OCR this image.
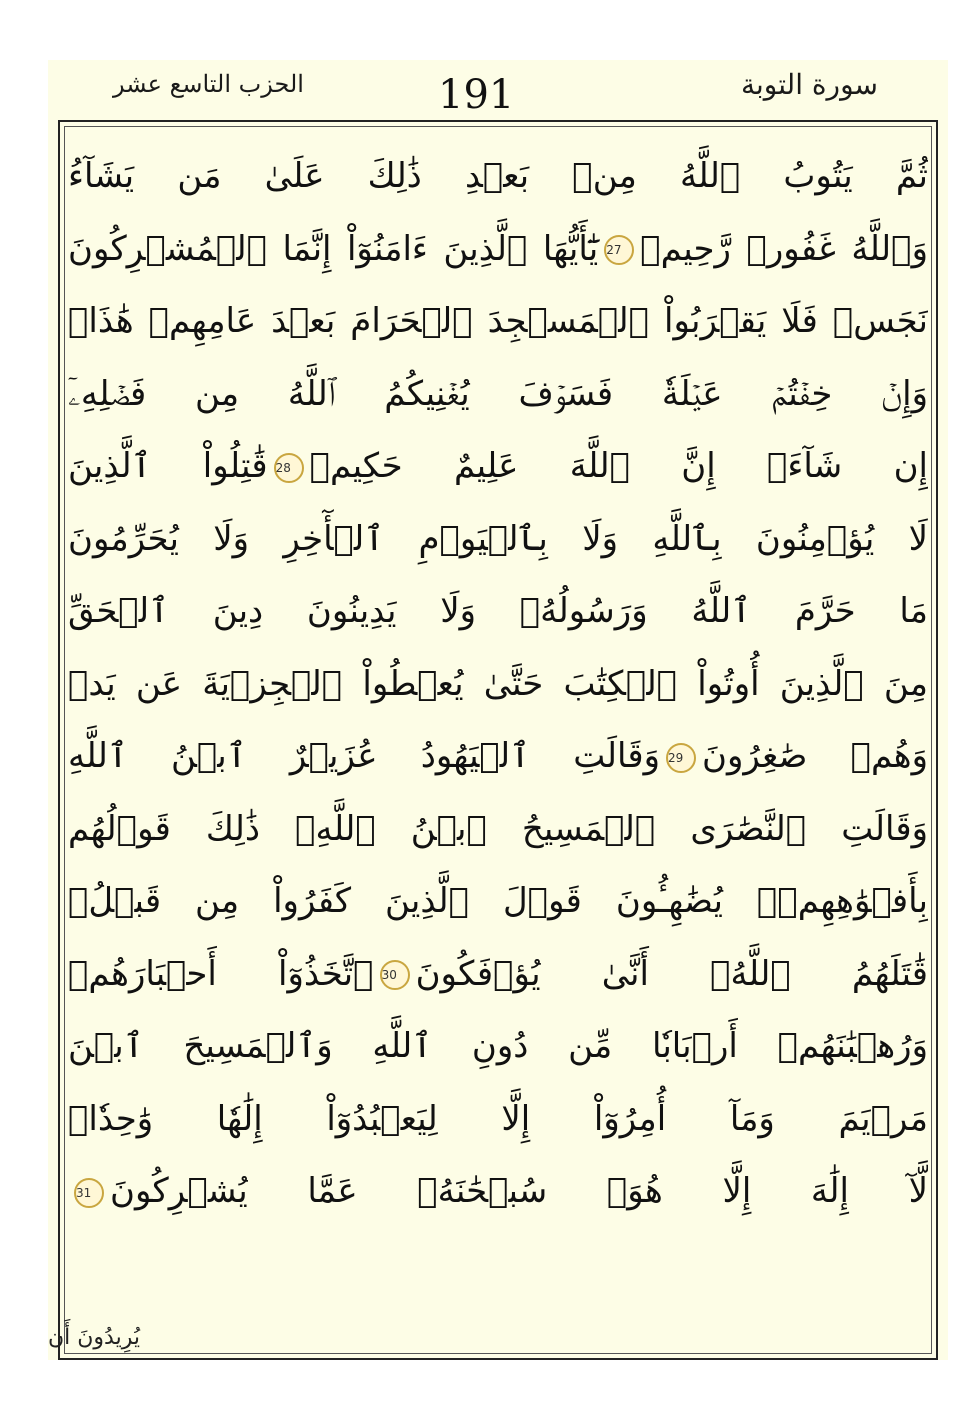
الحزب التاسع عشر	191	سورة التوبة
ثُمَّ يَتُوبُ ٱللَّهُ مِنۢ بَعۡدِ ذَٰلِكَ عَلَىٰ مَن يَشَآءُ
وَٱللَّهُ غَفُورٞ رَّحِيمٞ27يَٰٓأَيُّهَا ٱلَّذِينَ ءَامَنُوٓاْ إِنَّمَا ٱلۡمُشۡرِكُونَ
نَجَسٞ فَلَا يَقۡرَبُواْ ٱلۡمَسۡجِدَ ٱلۡحَرَامَ بَعۡدَ عَامِهِمۡ هَٰذَاۚ
وَإِنۡ خِفۡتُمۡ عَيۡلَةٗ فَسَوۡفَ يُغۡنِيكُمُ ٱللَّهُ مِن فَضۡلِهِۦٓ
إِن شَآءَۚ إِنَّ ٱللَّهَ عَلِيمٌ حَكِيمٞ28قَٰتِلُواْ ٱلَّذِينَ
لَا يُؤۡمِنُونَ بِٱللَّهِ وَلَا بِٱلۡيَوۡمِ ٱلۡأٓخِرِ وَلَا يُحَرِّمُونَ
مَا حَرَّمَ ٱللَّهُ وَرَسُولُهُۥ وَلَا يَدِينُونَ دِينَ ٱلۡحَقِّ
مِنَ ٱلَّذِينَ أُوتُواْ ٱلۡكِتَٰبَ حَتَّىٰ يُعۡطُواْ ٱلۡجِزۡيَةَ عَن يَدٖ
وَهُمۡ صَٰغِرُونَ29وَقَالَتِ ٱلۡيَهُودُ عُزَيۡرٌ ٱبۡنُ ٱللَّهِ
وَقَالَتِ ٱلنَّصَٰرَى ٱلۡمَسِيحُ ٱبۡنُ ٱللَّهِۖ ذَٰلِكَ قَوۡلُهُم
بِأَفۡوَٰهِهِمۡۖ يُضَٰهِـُٔونَ قَوۡلَ ٱلَّذِينَ كَفَرُواْ مِن قَبۡلُۚ
قَٰتَلَهُمُ ٱللَّهُۖ أَنَّىٰ يُؤۡفَكُونَ30ٱتَّخَذُوٓاْ أَحۡبَارَهُمۡ
وَرُهۡبَٰنَهُمۡ أَرۡبَابٗا مِّن دُونِ ٱللَّهِ وَٱلۡمَسِيحَ ٱبۡنَ
مَرۡيَمَ وَمَآ أُمِرُوٓاْ إِلَّا لِيَعۡبُدُوٓاْ إِلَٰهٗا وَٰحِدٗاۖ
لَّآ إِلَٰهَ إِلَّا هُوَۚ سُبۡحَٰنَهُۥ عَمَّا يُشۡرِكُونَ31
يُرِيدُونَ أَن
